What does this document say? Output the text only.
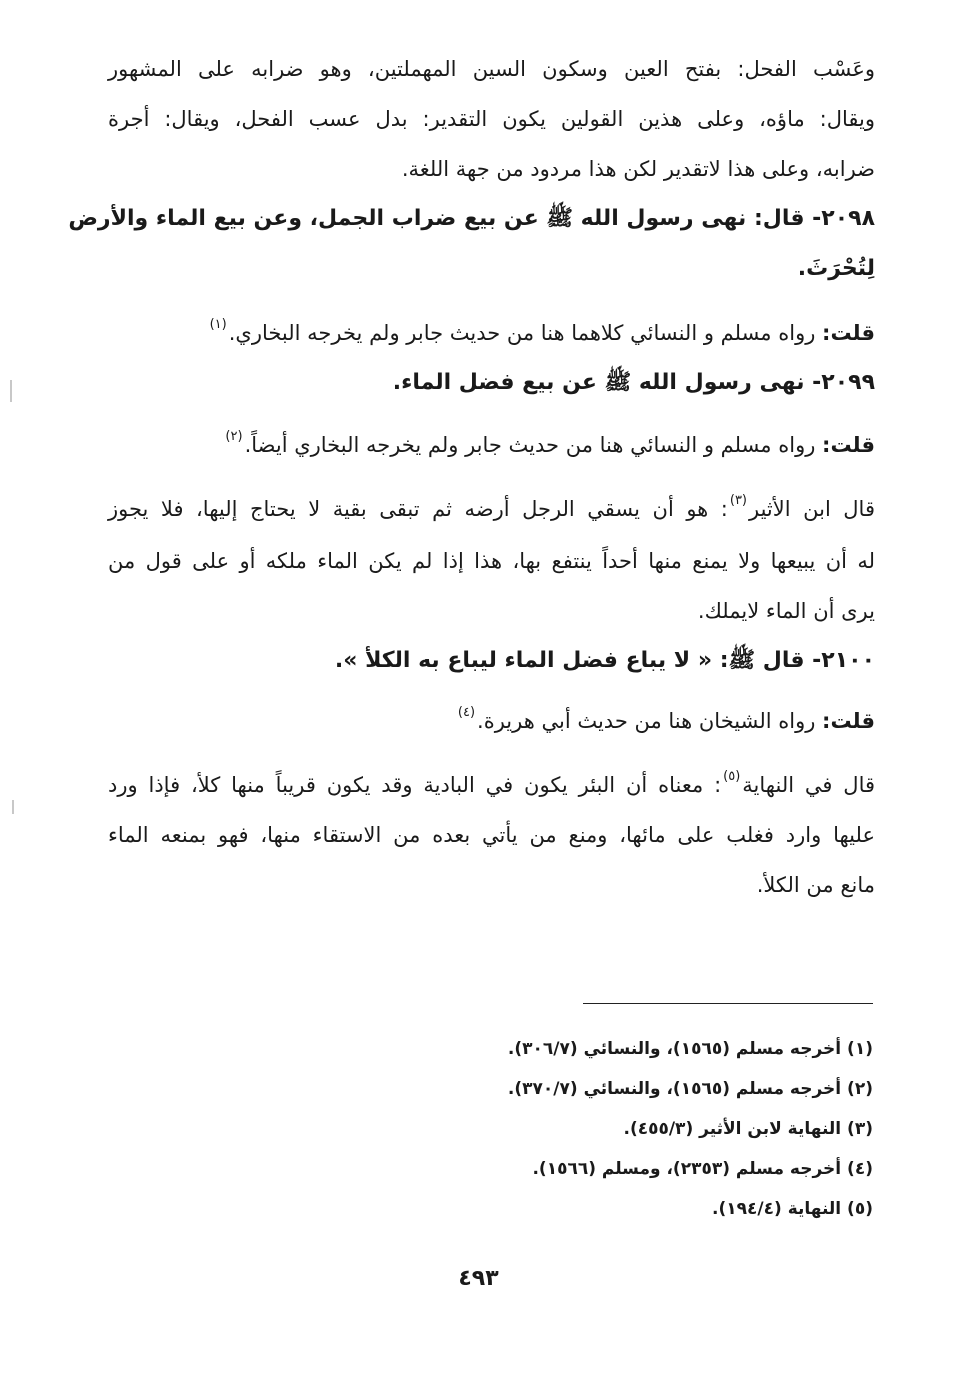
وعَسْب الفحل: بفتح العين وسكون السين المهملتين، وهو ضرابه على المشهور
ويقال: ماؤه، وعلى هذين القولين يكون التقدير: بدل عسب الفحل، ويقال: أجرة
ضرابه، وعلى هذا لاتقدير لكن هذا مردود من جهة اللغة.
٢٠٩٨- قال: نهى رسول الله ﷺ عن بيع ضراب الجمل، وعن بيع الماء والأرض
لِتُحْرَثَ.
قلت: رواه مسلم و النسائي كلاهما هنا من حديث جابر ولم يخرجه البخاري.$^{(١)}$
٢٠٩٩- نهى رسول الله ﷺ عن بيع فضل الماء.
قلت: رواه مسلم و النسائي هنا من حديث جابر ولم يخرجه البخاري أيضاً.$^{(٢)}$
قال ابن الأثير$^{(٣)}$: هو أن يسقي الرجل أرضه ثم تبقى بقية لا يحتاج إليها، فلا يجوز
له أن يبيعها ولا يمنع منها أحداً ينتفع بها، هذا إذا لم يكن الماء ملكه أو على قول من
يرى أن الماء لايملك.
٢١٠٠- قال ﷺ: « لا يباع فضل الماء ليباع به الكلأ ».
قلت: رواه الشيخان هنا من حديث أبي هريرة.$^{(٤)}$
قال في النهاية$^{(٥)}$: معناه أن البئر يكون في البادية وقد يكون قريباً منها كلأ، فإذا ورد
عليها وارد فغلب على مائها، ومنع من يأتي بعده من الاستقاء منها، فهو بمنعه الماء
مانع من الكلأ.
(١) أخرجه مسلم (١٥٦٥)، والنسائي (٣٠٦/٧).
(٢) أخرجه مسلم (١٥٦٥)، والنسائي (٣٧٠/٧).
(٣) النهاية لابن الأثير (٤٥٥/٣).
(٤) أخرجه مسلم (٢٣٥٣)، ومسلم (١٥٦٦).
(٥) النهاية (١٩٤/٤).
٤٩٣
